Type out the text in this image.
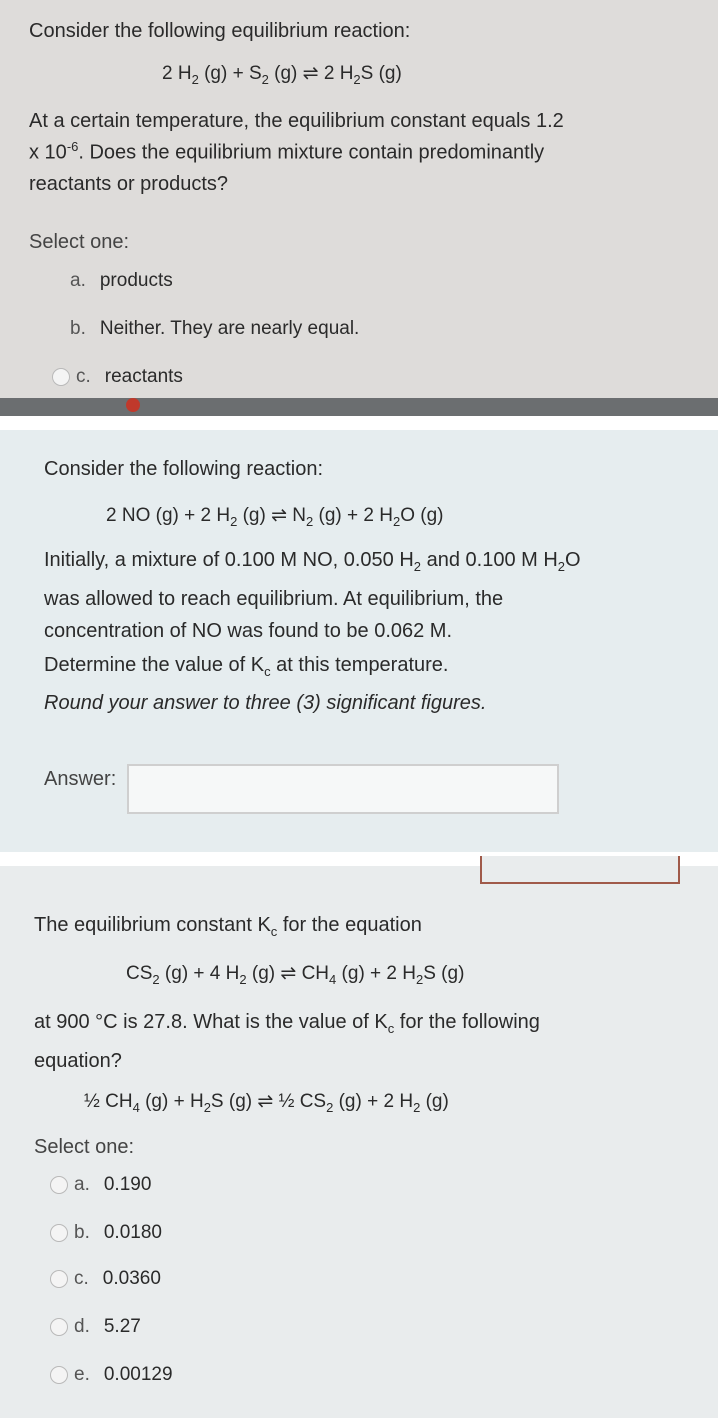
Consider the following equilibrium reaction:
2 $H_2$ $(g) + S_2$ (g) ⇌ 2 $H_2S$ (g)
At a certain temperature, the equilibrium constant equals 1.2
x $10^{-6}$. Does the equilibrium mixture contain predominantly
reactants or products?
Select one:
a. products
b. Neither. They are nearly equal.
c. reactants
Consider the following reaction:
2 NO (g) + 2 $H_2$ (g) ⇌ $N_2$ (g) + 2 $H_2O$ (g)
Initially, a mixture of 0.100 M NO, 0.050 $H_2$ and 0.100 M $H_2O$
was allowed to reach equilibrium. At equilibrium, the
concentration of NO was found to be 0.062 M.
Determine the value of $K_c$ at this temperature.
Round your answer to three (3) significant figures.
Answer:
The equilibrium constant $K_c$ for the equation
$CS_2$ (g) + 4 $H_2$ (g) ⇌ $CH_4$ (g) + 2 $H_2S$ (g)
at 900 °C is 27.8. What is the value of $K_c$ for the following
equation?
½ $CH_4$ $(g) + H_2S$ (g) ⇌ ½ $CS_2$ (g) + 2 $H_2$ (g)
Select one:
a. 0.190
b. 0.0180
c. 0.0360
d. 5.27
e. 0.00129
